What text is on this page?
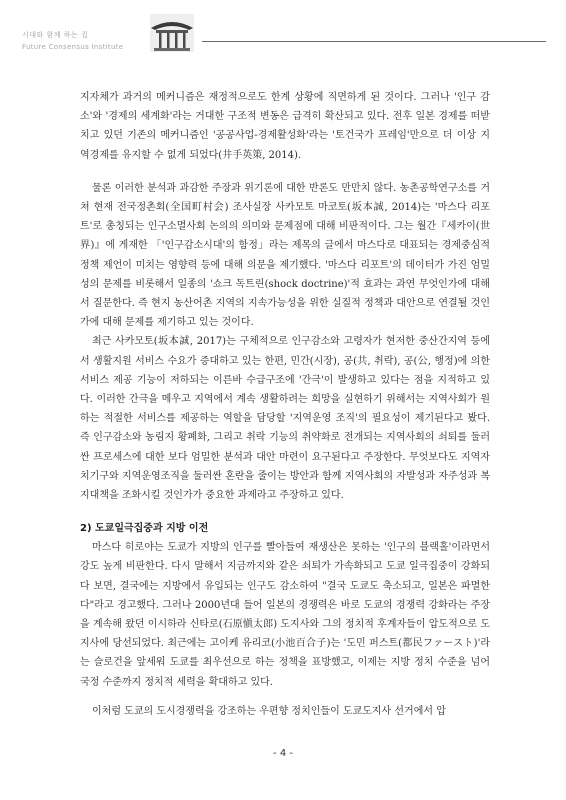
시대와 함께 하는 집
Future Consensus Institute

지자체가 과거의 메커니즘은 재정적으로도 한계 상황에 직면하게 된 것이다. 그러나 '인구 감소'와 '경제의 세계화'라는 거대한 구조적 변동은 급격히 확산되고 있다. 전후 일본 경제를 떠받치고 있던 기존의 메커니즘인 '공공사업-경제활성화'라는 '토건국가 프레임'만으로 더 이상 지역경제를 유지할 수 없게 되었다(井手英策, 2014).

물론 이러한 분석과 과감한 주장과 위기론에 대한 반론도 만만치 않다. 농촌공학연구소를 거쳐 현재 전국정촌회(全国町村会) 조사실장 사카모토 마코토(坂本誠, 2014)는 '마스다 리포트'로 총칭되는 인구소멸사회 논의의 의미와 문제점에 대해 비판적이다. 그는 월간『세카이(世界)』에 게재한 「'인구감소시대'의 함정」라는 제목의 글에서 마스다로 대표되는 경제중심적 정책 제언이 미치는 영향력 등에 대해 의문을 제기했다. '마스다 리포트'의 데이터가 가진 엄밀성의 문제를 비롯해서 일종의 '쇼크 독트린(shock doctrine)'적 효과는 과연 무엇인가에 대해서 질문한다. 즉 현지 농산어촌 지역의 지속가능성을 위한 실질적 정책과 대안으로 연결될 것인가에 대해 문제를 제기하고 있는 것이다.

최근 사카모토(坂本誠, 2017)는 구체적으로 인구감소와 고령자가 현저한 중산간지역 등에서 생활지원 서비스 수요가 증대하고 있는 한편, 민간(시장), 공(共, 취락), 공(公, 행정)에 의한 서비스 제공 기능이 저하되는 이른바 수급구조에 '간극'이 발생하고 있다는 점을 지적하고 있다. 이러한 간극을 메우고 지역에서 계속 생활하려는 희망을 실현하기 위해서는 지역사회가 원하는 적절한 서비스를 제공하는 역할을 담당할 '지역운영 조직'의 필요성이 제기된다고 봤다. 즉 인구감소와 농림지 황폐화, 그리고 취락 기능의 취약화로 전개되는 지역사회의 쇠퇴를 둘러싼 프로세스에 대한 보다 엄밀한 분석과 대안 마련이 요구된다고 주장한다. 무엇보다도 지역자치기구와 지역운영조직을 둘러싼 혼란을 줄이는 방안과 함께 지역사회의 자발성과 자주성과 복지대책을 조화시킬 것인가가 중요한 과제라고 주장하고 있다.

2) 도쿄일극집중과 지방 이전

마스다 히로야는 도쿄가 지방의 인구를 빨아들여 재생산은 못하는 '인구의 블랙홀'이라면서 강도 높게 비판한다. 다시 말해서 지금까지와 같은 쇠퇴가 가속화되고 도쿄 일극집중이 강화되다 보면, 결국에는 지방에서 유입되는 인구도 감소하여 "결국 도쿄도 축소되고, 일본은 파멸한다"라고 경고했다. 그러나 2000년대 들어 일본의 경쟁력은 바로 도쿄의 경쟁력 강화라는 주장을 계속해 왔던 이시하라 신타로(石原愼太郎) 도지사와 그의 정치적 후계자들이 압도적으로 도지사에 당선되었다. 최근에는 고이케 유리코(小池百合子)는 '도민 퍼스트(都民ファースト)'라는 슬로건을 앞세워 도쿄를 최우선으로 하는 정책을 표방했고, 이제는 지방 정치 수준을 넘어 국정 수준까지 정치적 세력을 확대하고 있다.

이처럼 도쿄의 도시경쟁력을 강조하는 우편향 정치인들이 도쿄도지사 선거에서 압

- 4 -
